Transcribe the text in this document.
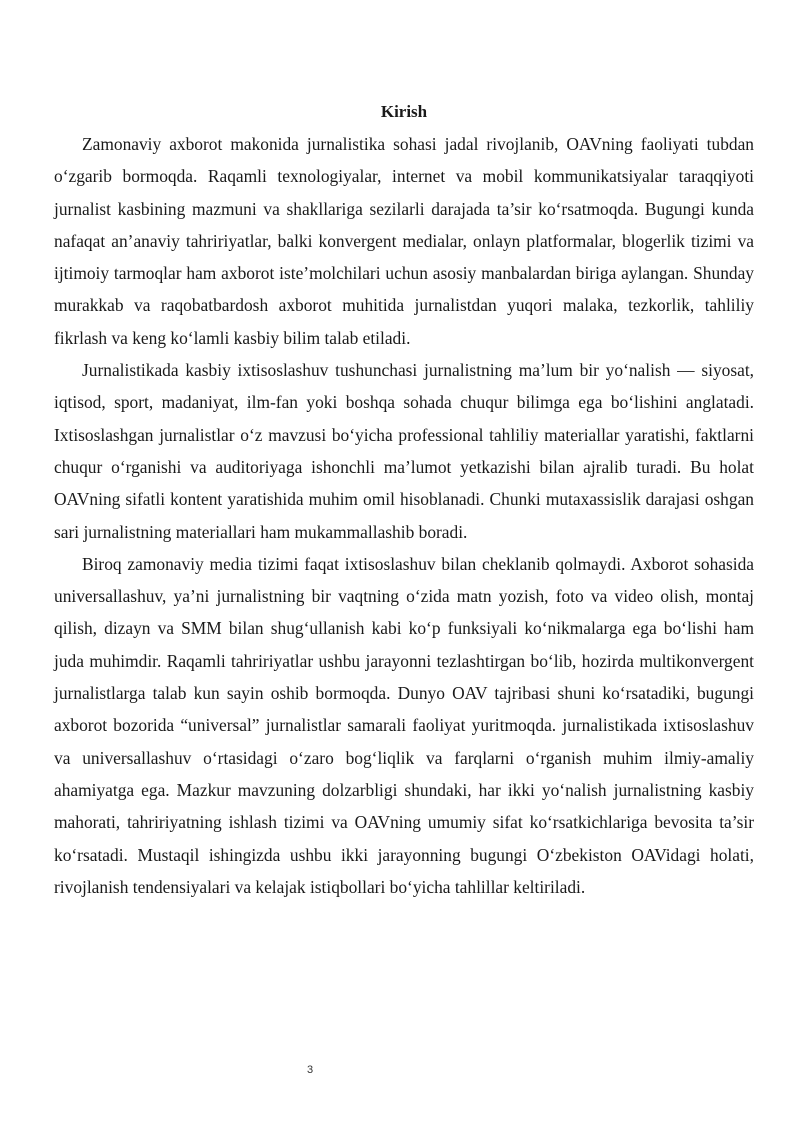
Kirish

Zamonaviy axborot makonida jurnalistika sohasi jadal rivojlanib, OAVning faoliyati tubdan o‘zgarib bormoqda. Raqamli texnologiyalar, internet va mobil kommunikatsiyalar taraqqiyoti jurnalist kasbining mazmuni va shakllariga sezilarli darajada ta’sir ko‘rsatmoqda. Bugungi kunda nafaqat an’anaviy tahririyatlar, balki konvergent medialar, onlayn platformalar, blogerlik tizimi va ijtimoiy tarmoqlar ham axborot iste’molchilari uchun asosiy manbalardan biriga aylangan. Shunday murakkab va raqobatbardosh axborot muhitida jurnalistdan yuqori malaka, tezkorlik, tahliliy fikrlash va keng ko‘lamli kasbiy bilim talab etiladi.

Jurnalistikada kasbiy ixtisoslashuv tushunchasi jurnalistning ma’lum bir yo‘nalish — siyosat, iqtisod, sport, madaniyat, ilm-fan yoki boshqa sohada chuqur bilimga ega bo‘lishini anglatadi. Ixtisoslashgan jurnalistlar o‘z mavzusi bo‘yicha professional tahliliy materiallar yaratishi, faktlarni chuqur o‘rganishi va auditoriyaga ishonchli ma’lumot yetkazishi bilan ajralib turadi. Bu holat OAVning sifatli kontent yaratishida muhim omil hisoblanadi. Chunki mutaxassislik darajasi oshgan sari jurnalistning materiallari ham mukammallashib boradi.

Biroq zamonaviy media tizimi faqat ixtisoslashuv bilan cheklanib qolmaydi. Axborot sohasida universallashuv, ya’ni jurnalistning bir vaqtning o‘zida matn yozish, foto va video olish, montaj qilish, dizayn va SMM bilan shug‘ullanish kabi ko‘p funksiyali ko‘nikmalarga ega bo‘lishi ham juda muhimdir. Raqamli tahririyatlar ushbu jarayonni tezlashtirgan bo‘lib, hozirda multikonvergent jurnalistlarga talab kun sayin oshib bormoqda. Dunyo OAV tajribasi shuni ko‘rsatadiki, bugungi axborot bozorida “universal” jurnalistlar samarali faoliyat yuritmoqda. jurnalistikada ixtisoslashuv va universallashuv o‘rtasidagi o‘zaro bog‘liqlik va farqlarni o‘rganish muhim ilmiy-amaliy ahamiyatga ega. Mazkur mavzuning dolzarbligi shundaki, har ikki yo‘nalish jurnalistning kasbiy mahorati, tahririyatning ishlash tizimi va OAVning umumiy sifat ko‘rsatkichlariga bevosita ta’sir ko‘rsatadi. Mustaqil ishingizda ushbu ikki jarayonning bugungi O‘zbekiston OAVidagi holati, rivojlanish tendensiyalari va kelajak istiqbollari bo‘yicha tahlillar keltiriladi.

3
